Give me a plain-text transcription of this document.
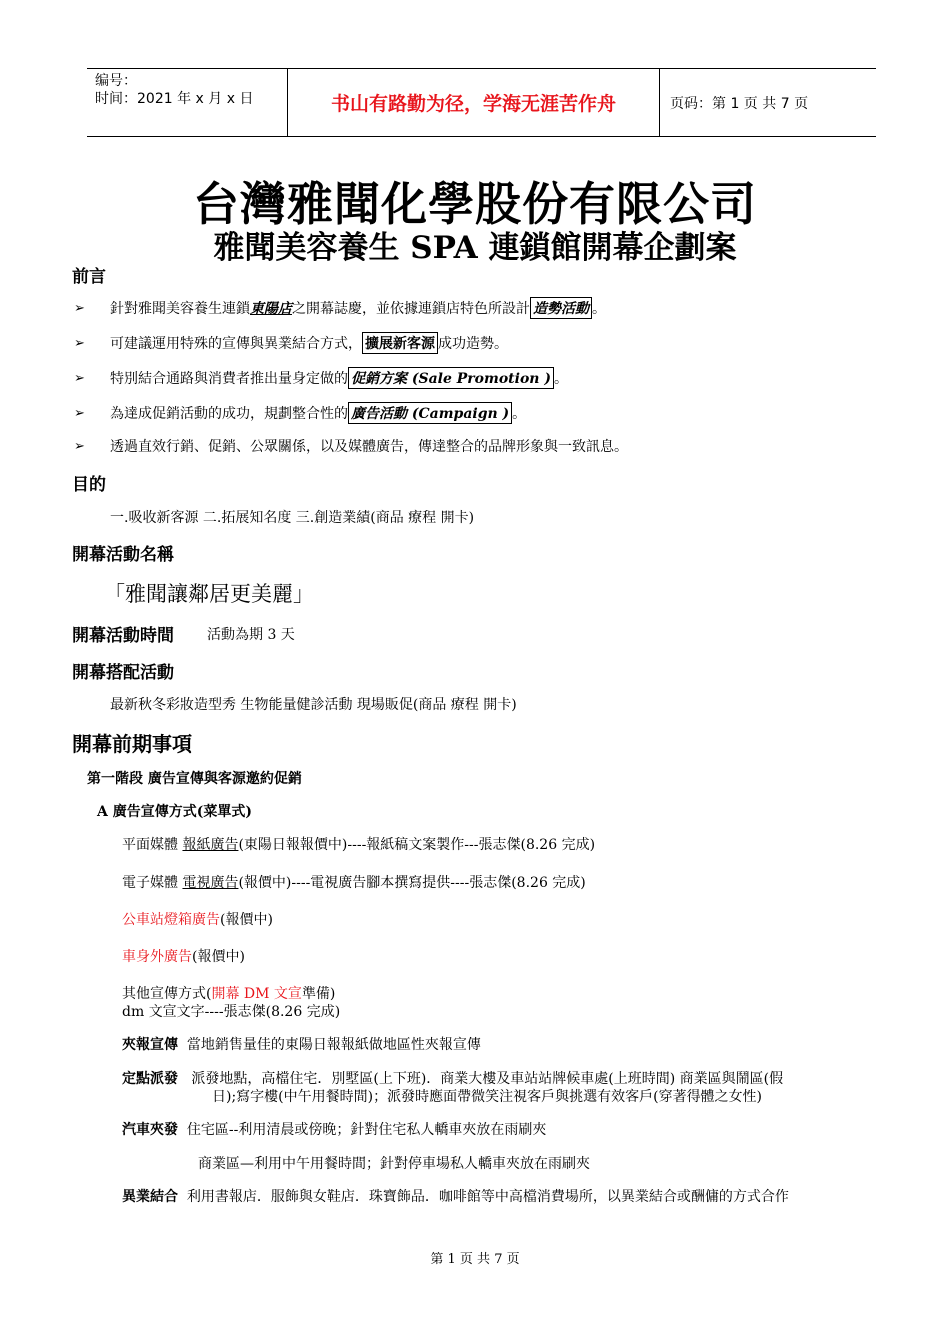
编号：
时间：2021 年 x 月 x 日	书山有路勤为径，学海无涯苦作舟	页码：第 1 页 共 7 页
台灣雅聞化學股份有限公司
雅聞美容養生 SPA 連鎖館開幕企劃案
前言
➢	針對雅聞美容養生連鎖 東陽店 之開幕誌慶，並依據連鎖店特色所設計 造勢活動 。
➢	可建議運用特殊的宣傳與異業結合方式， 擴展新客源 成功造勢。
➢	特別結合通路與消費者推出量身定做的 促銷方案 (Sale Promotion ) 。
➢	為達成促銷活動的成功，規劃整合性的 廣告活動 (Campaign ) 。
➢	透過直效行銷、促銷、公眾關係，以及媒體廣告，傳達整合的品牌形象與一致訊息。
目的
一.吸收新客源 二.拓展知名度 三.創造業績(商品 療程 開卡)
開幕活動名稱
「雅聞讓鄰居更美麗」
開幕活動時間 活動為期 3 天
開幕搭配活動
最新秋冬彩妝造型秀 生物能量健診活動 現場販促(商品 療程 開卡)
開幕前期事項
第一階段 廣告宣傳與客源邀約促銷
A 廣告宣傳方式(菜單式)
平面媒體 報紙廣告(東陽日報報價中)----報紙稿文案製作---張志傑(8.26 完成)
電子媒體 電視廣告(報價中)----電視廣告腳本撰寫提供----張志傑(8.26 完成)
公車站燈箱廣告(報價中)
車身外廣告(報價中)
其他宣傳方式(開幕 DM 文宣準備)
dm 文宣文字----張志傑(8.26 完成)
夾報宣傳 當地銷售量佳的東陽日報報紙做地區性夾報宣傳
定點派發 派發地點，高檔住宅．別墅區(上下班)．商業大樓及車站站牌候車處(上班時間) 商業區與鬧區(假
日);寫字樓(中午用餐時間)；派發時應面帶微笑注視客戶與挑選有效客戶(穿著得體之女性)
汽車夾發 住宅區--利用清晨或傍晚；針對住宅私人轎車夾放在雨刷夾
商業區—利用中午用餐時間；針對停車場私人轎車夾放在雨刷夾
異業結合 利用書報店．服飾與女鞋店．珠寶飾品．咖啡館等中高檔消費場所，以異業結合或酬傭的方式合作
第 1 页 共 7 页
